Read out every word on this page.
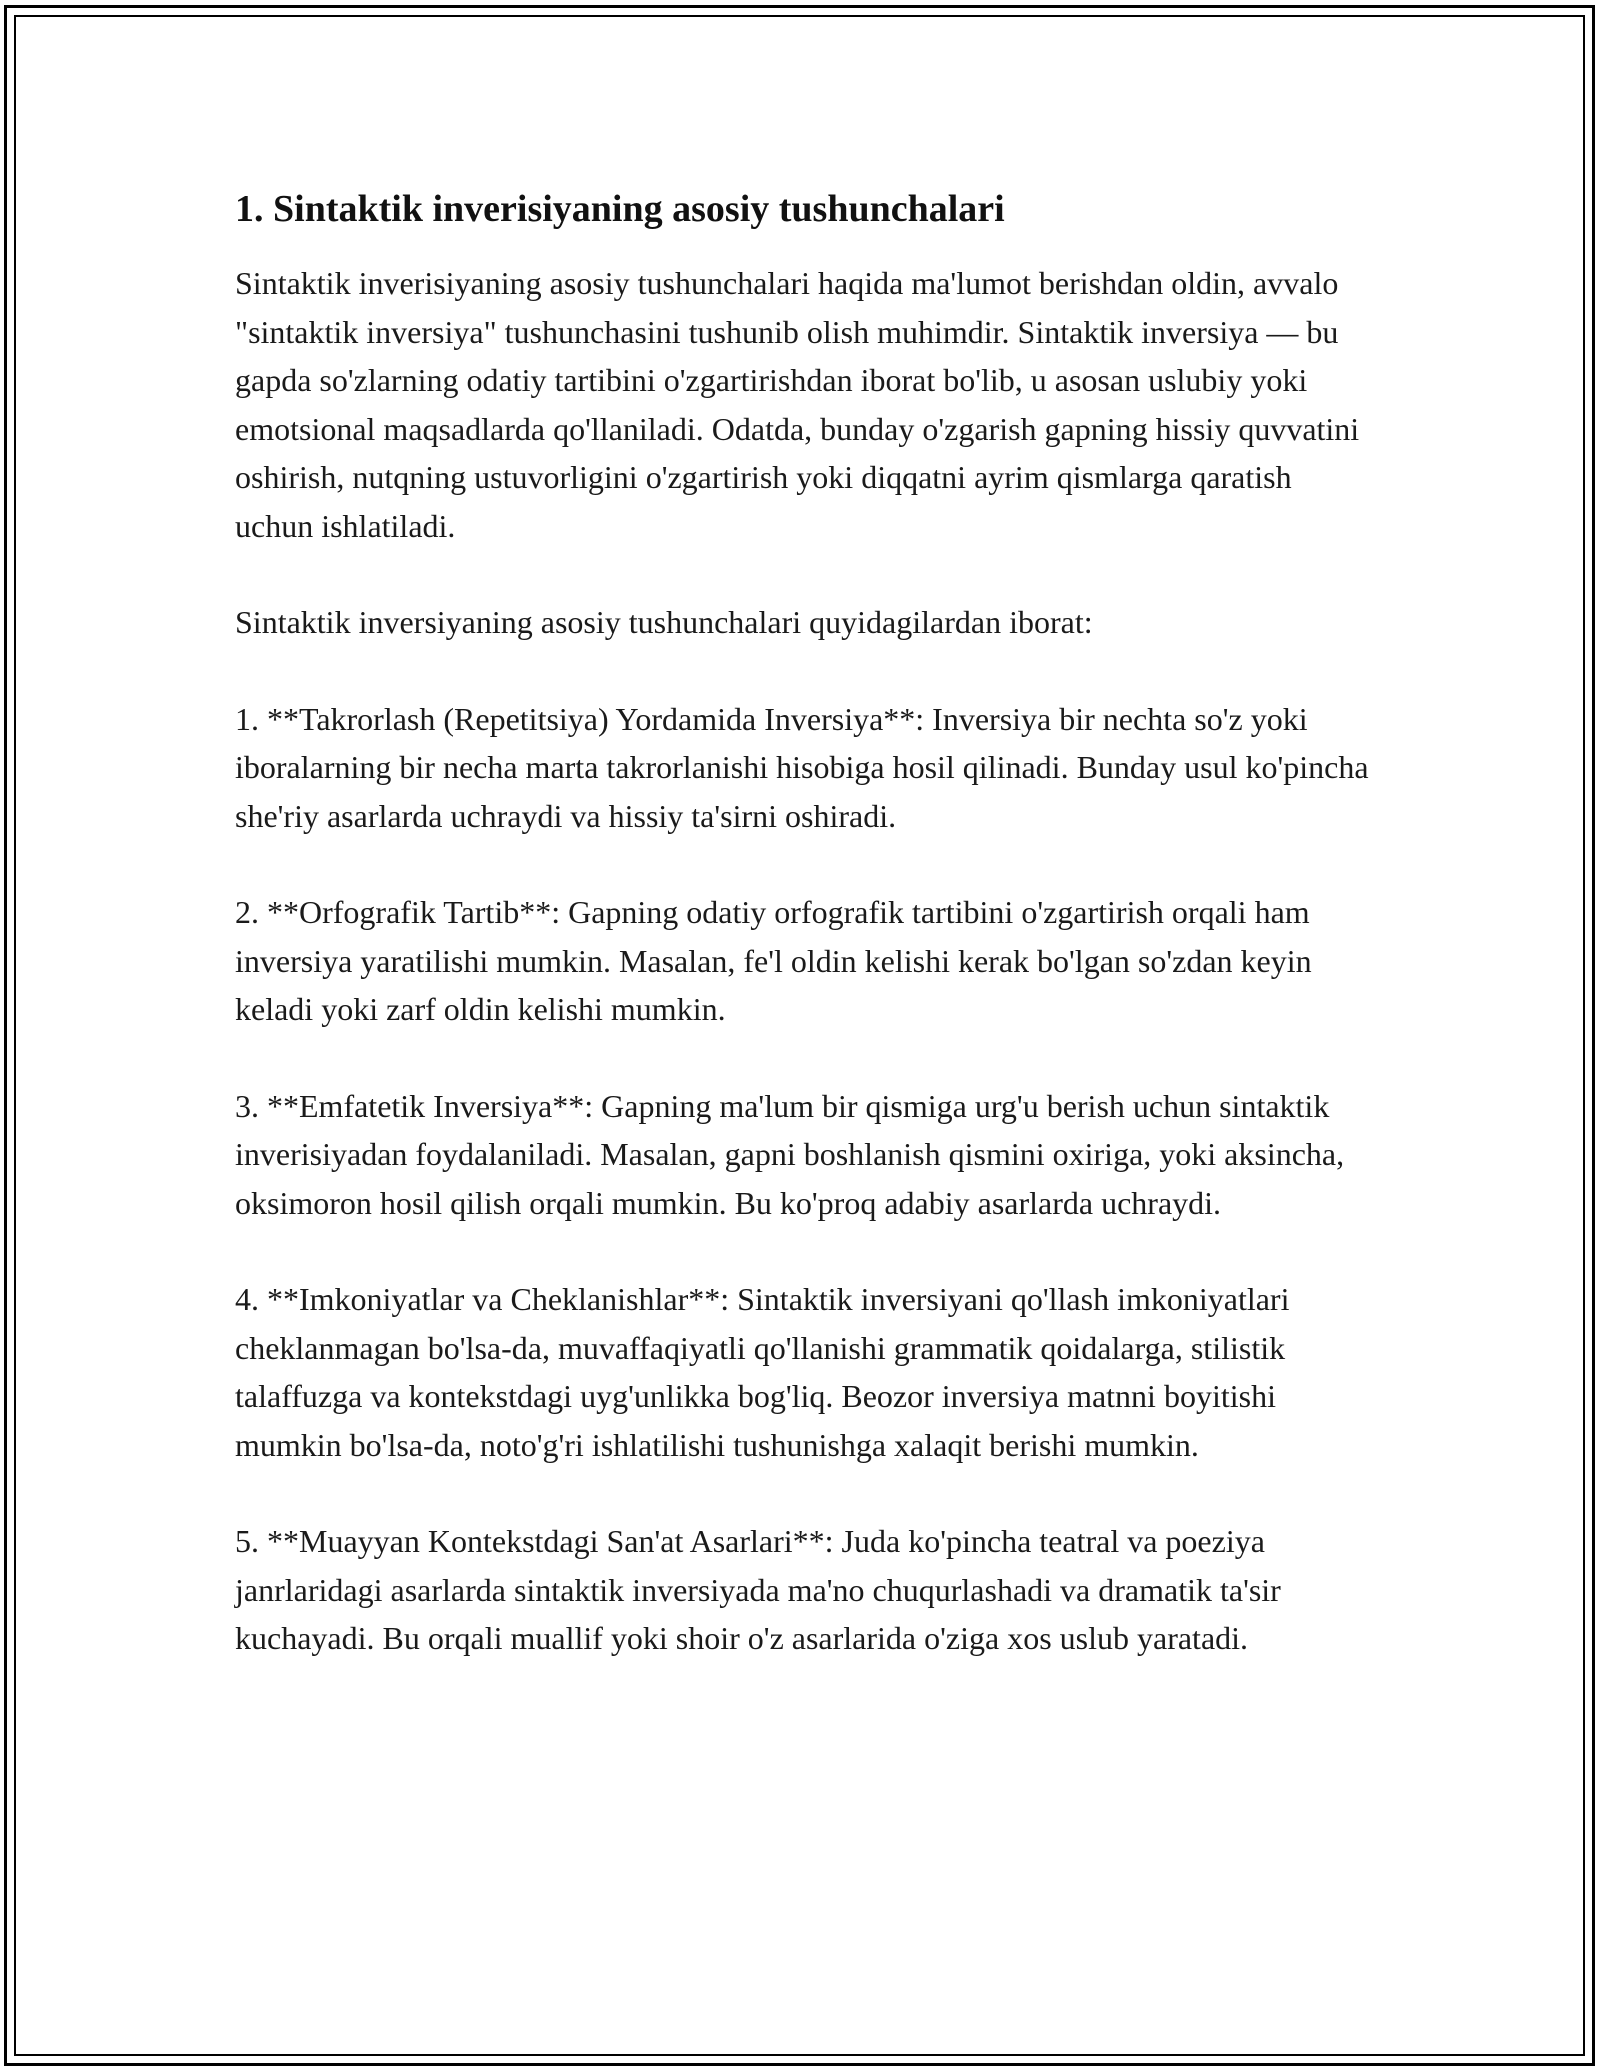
1. Sintaktik inverisiyaning asosiy tushunchalari

Sintaktik inverisiyaning asosiy tushunchalari haqida ma'lumot berishdan oldin, avvalo "sintaktik inversiya" tushunchasini tushunib olish muhimdir. Sintaktik inversiya — bu gapda so'zlarning odatiy tartibini o'zgartirishdan iborat bo'lib, u asosan uslubiy yoki emotsional maqsadlarda qo'llaniladi. Odatda, bunday o'zgarish gapning hissiy quvvatini oshirish, nutqning ustuvorligini o'zgartirish yoki diqqatni ayrim qismlarga qaratish uchun ishlatiladi.

Sintaktik inversiyaning asosiy tushunchalari quyidagilardan iborat:

1. **Takrorlash (Repetitsiya) Yordamida Inversiya**: Inversiya bir nechta so'z yoki iboralarning bir necha marta takrorlanishi hisobiga hosil qilinadi. Bunday usul ko'pincha she'riy asarlarda uchraydi va hissiy ta'sirni oshiradi.

2. **Orfografik Tartib**: Gapning odatiy orfografik tartibini o'zgartirish orqali ham inversiya yaratilishi mumkin. Masalan, fe'l oldin kelishi kerak bo'lgan so'zdan keyin keladi yoki zarf oldin kelishi mumkin.

3. **Emfatetik Inversiya**: Gapning ma'lum bir qismiga urg'u berish uchun sintaktik inverisiyadan foydalaniladi. Masalan, gapni boshlanish qismini oxiriga, yoki aksincha, oksimoron hosil qilish orqali mumkin. Bu ko'proq adabiy asarlarda uchraydi.

4. **Imkoniyatlar va Cheklanishlar**: Sintaktik inversiyani qo'llash imkoniyatlari cheklanmagan bo'lsa-da, muvaffaqiyatli qo'llanishi grammatik qoidalarga, stilistik talaffuzga va kontekstdagi uyg'unlikka bog'liq. Beozor inversiya matnni boyitishi mumkin bo'lsa-da, noto'g'ri ishlatilishi tushunishga xalaqit berishi mumkin.

5. **Muayyan Kontekstdagi San'at Asarlari**: Juda ko'pincha teatral va poeziya janrlaridagi asarlarda sintaktik inversiyada ma'no chuqurlashadi va dramatik ta'sir kuchayadi. Bu orqali muallif yoki shoir o'z asarlarida o'ziga xos uslub yaratadi.
